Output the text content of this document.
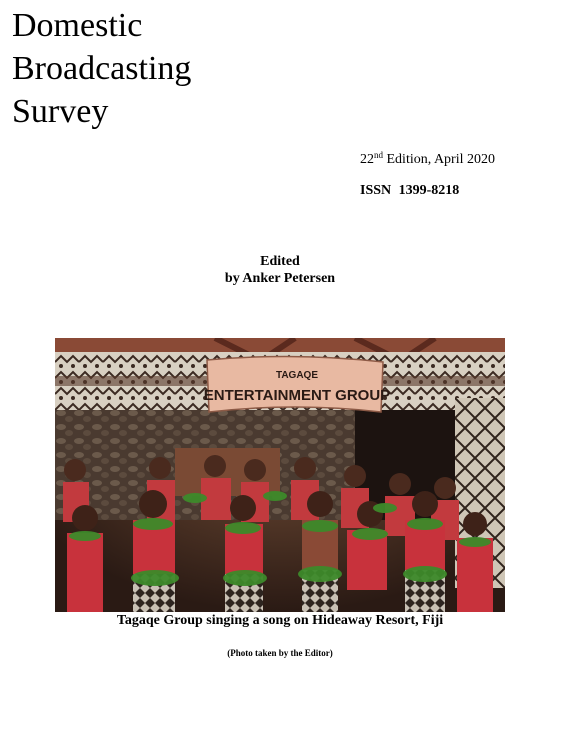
Domestic
Broadcasting
Survey
22nd Edition, April 2020
ISSN 1399-8218
Edited
by Anker Petersen
TAGAQE
ENTERTAINMENT GROUP
Tagaqe Group singing a song on Hideaway Resort, Fiji
(Photo taken by the Editor)
